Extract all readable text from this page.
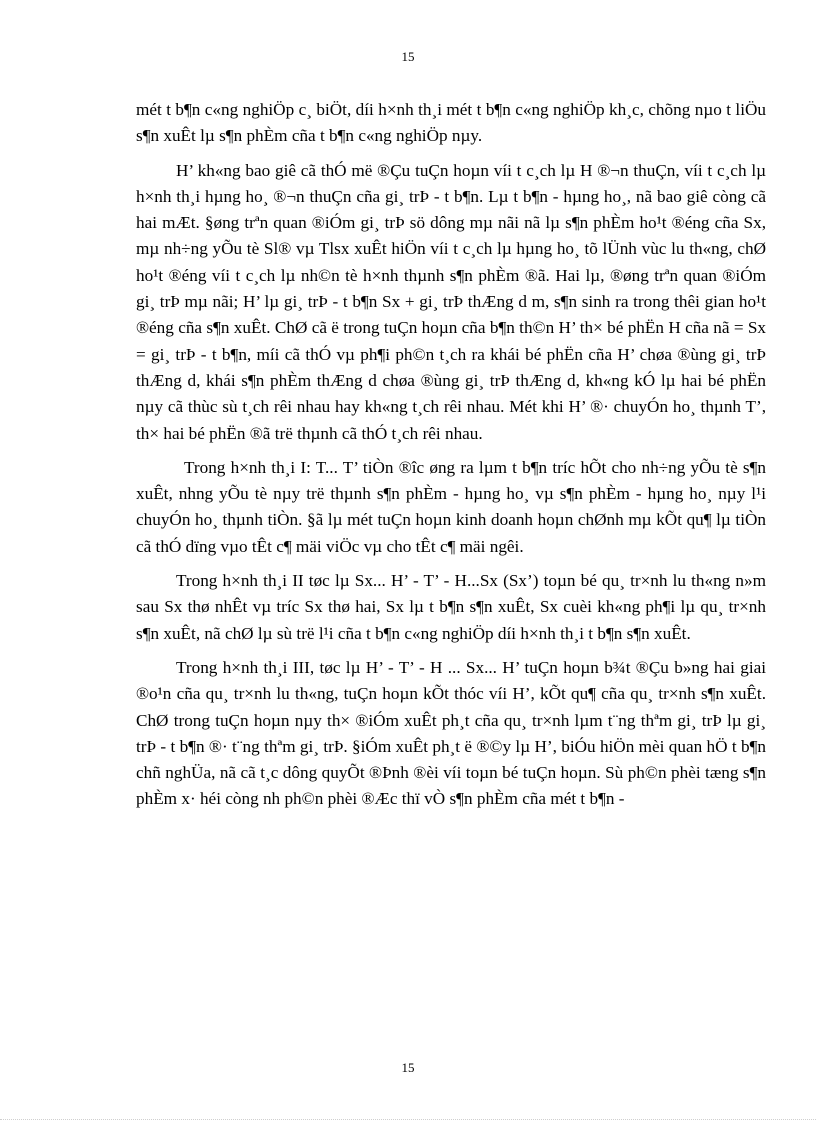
15

mét t b¶n c«ng nghiÖp c¸ biÖt, díi h×nh th¸i mét t b¶n c«ng nghiÖp kh¸c, chõng nµo t liÖu s¶n xuÊt lµ s¶n phÈm cña t b¶n c«ng nghiÖp nµy.

H’ kh«ng bao giê cã thÓ më ®Çu tuÇn hoµn víi t c¸ch lµ H ®¬n thuÇn, víi t c¸ch lµ h×nh th¸i hµng ho¸ ®¬n thuÇn cña gi¸ trÞ - t b¶n. Lµ t b¶n - hµng ho¸, nã bao giê còng cã hai mÆt. §øng trªn quan ®iÓm gi¸ trÞ sö dông mµ nãi nã lµ s¶n phÈm ho¹t ®éng cña Sx, mµ nh÷ng yÕu tè Sl® vµ Tlsx xuÊt hiÖn víi t c¸ch lµ hµng ho¸ tõ lÜnh vùc lu th«ng, chØ ho¹t ®éng víi t c¸ch lµ nh©n tè h×nh thµnh s¶n phÈm ®ã. Hai lµ, ®øng trªn quan ®iÓm gi¸ trÞ mµ nãi; H’ lµ gi¸ trÞ - t b¶n Sx + gi¸ trÞ thÆng d m, s¶n sinh ra trong thêi gian ho¹t ®éng cña s¶n xuÊt. ChØ cã ë trong tuÇn hoµn cña b¶n th©n H’ th× bé phËn H cña nã = Sx = gi¸ trÞ - t b¶n, míi cã thÓ vµ ph¶i ph©n t¸ch ra khái bé phËn cña H’ chøa ®ùng gi¸ trÞ thÆng d, khái s¶n phÈm thÆng d chøa ®ùng gi¸ trÞ thÆng d, kh«ng kÓ lµ hai bé phËn nµy cã thùc sù t¸ch rêi nhau hay kh«ng t¸ch rêi nhau. Mét khi H’ ®· chuyÓn ho¸ thµnh T’, th× hai bé phËn ®ã trë thµnh cã thÓ t¸ch rêi nhau.

Trong h×nh th¸i I: T... T’ tiÒn ®îc øng ra lµm t b¶n tríc hÕt cho nh÷ng yÕu tè s¶n xuÊt, nhng yÕu tè nµy trë thµnh s¶n phÈm - hµng ho¸ vµ s¶n phÈm - hµng ho¸ nµy l¹i chuyÓn ho¸ thµnh tiÒn. §ã lµ mét tuÇn hoµn kinh doanh hoµn chØnh mµ kÕt qu¶ lµ tiÒn cã thÓ dïng vµo tÊt c¶ mäi viÖc vµ cho tÊt c¶ mäi ngêi.

Trong h×nh th¸i II tøc lµ Sx... H’ - T’ - H...Sx (Sx’) toµn bé qu¸ tr×nh lu th«ng n»m sau Sx thø nhÊt vµ tríc Sx thø hai, Sx lµ t b¶n s¶n xuÊt, Sx cuèi kh«ng ph¶i lµ qu¸ tr×nh s¶n xuÊt, nã chØ lµ sù trë l¹i cña t b¶n c«ng nghiÖp díi h×nh th¸i t b¶n s¶n xuÊt.

Trong h×nh th¸i III, tøc lµ H’ - T’ - H ... Sx... H’ tuÇn hoµn b¾t ®Çu b»ng hai giai ®o¹n cña qu¸ tr×nh lu th«ng, tuÇn hoµn kÕt thóc víi H’, kÕt qu¶ cña qu¸ tr×nh s¶n xuÊt. ChØ trong tuÇn hoµn nµy th× ®iÓm xuÊt ph¸t cña qu¸ tr×nh lµm t¨ng thªm gi¸ trÞ lµ gi¸ trÞ - t b¶n ®· t¨ng thªm gi¸ trÞ. §iÓm xuÊt ph¸t ë ®©y lµ H’, biÓu hiÖn mèi quan hÖ t b¶n chñ nghÜa, nã cã t¸c dông quyÕt ®Þnh ®èi víi toµn bé tuÇn hoµn. Sù ph©n phèi tæng s¶n phÈm x· héi còng nh ph©n phèi ®Æc thï vÒ s¶n phÈm cña mét t b¶n -

15
